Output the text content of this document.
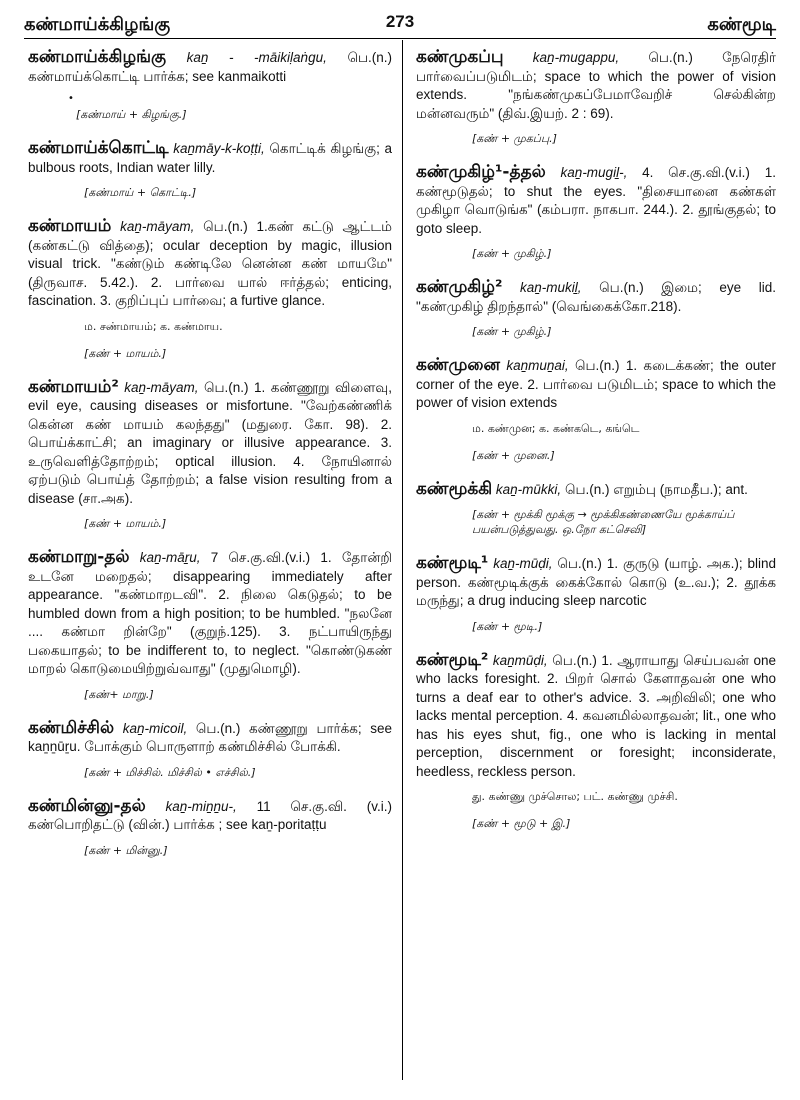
கண்மாய்க்கிழங்கு	273	கண்மூடி

கண்மாய்க்கிழங்கு kaṉ - -māikiḷaṅgu, பெ.(n.) கண்மாய்க்கொட்டி பார்க்க; see kanmaikotti

•
[கண்மாய் + கிழங்கு.]

கண்மாய்க்கொட்டி kaṉmāy-k-koṭṭi, கொட்டிக் கிழங்கு; a bulbous roots, Indian water lilly.

[கண்மாய் + கொட்டி.]

கண்மாயம் kaṉ-māyam, பெ.(n.) 1.கண் கட்டு ஆட்டம் (கண்கட்டு வித்தை); ocular deception by magic, illusion visual trick. "கண்டும் கண்டிலே னென்ன கண் மாயமே" (திருவாச. 5.42.). 2. பார்வை யால் ஈர்த்தல்; enticing, fascination. 3. குறிப்புப் பார்வை; a furtive glance.

ம. சண்மாயம்; க. கண்மாய.
[கண் + மாயம்.]

கண்மாயம்² kaṉ-māyam, பெ.(n.) 1. கண்ணூறு விளைவு, evil eye, causing diseases or misfortune. "வேற்கண்ணிக் கென்ன கண் மாயம் கலந்தது" (மதுரை. கோ. 98). 2. பொய்க்காட்சி; an imaginary or illusive appearance. 3. உருவெளித்தோற்றம்; optical illusion. 4. நோயினால் ஏற்படும் பொய்த் தோற்றம்; a false vision resulting from a disease (சா.அக).

[கண் + மாயம்.]

கண்மாறு-தல் kaṉ-māṟu, 7 செ.கு.வி.(v.i.) 1. தோன்றி உடனே மறைதல்; disappearing immediately after appearance. "கண்மாறடவி". 2. நிலை கெடுதல்; to be humbled down from a high position; to be humbled. "நலனே .... கண்மா றின்றே" (குறுந்.125). 3. நட்பாயிருந்து பகையாதல்; to be indifferent to, to neglect. "கொண்டுகண் மாறல் கொடுமையிற்றுவ்வாது" (முதுமொழி).

[கண்+ மாறு.]

கண்மிச்சில் kaṉ-micoil, பெ.(n.) கண்ணூறு பார்க்க; see kaṉṉūṟu. போக்கும் பொருளாற் கண்மிச்சில் போக்கி.

[கண் + மிச்சில். மிச்சில் • எச்சில்.]

கண்மின்னு-தல் kaṉ-miṉṉu-, 11 செ.கு.வி. (v.i.) கண்பொறிதட்டு (வின்.) பார்க்க ; see kaṉ-poritaṭṭu

[கண் + மின்னு.]

கண்முகப்பு kaṉ-mugappu, பெ.(n.) நேரெதிர் பார்வைப்படுமிடம்; space to which the power of vision extends. "நங்கண்முகப்பேமாவேறிச் செல்கின்ற மன்னவரும்" (திவ்.இயற். 2 : 69).

[கண் + முகப்பு.]

கண்முகிழ்¹-த்தல் kaṉ-mugiḻ-, 4. செ.கு.வி.(v.i.) 1. கண்மூடுதல்; to shut the eyes. "திசையானை கண்கள் முகிழா வொடுங்க" (கம்பரா. நாகபா. 244.). 2. தூங்குதல்; to goto sleep.

[கண் + முகிழ்.]

கண்முகிழ்² kaṉ-mukiḻ, பெ.(n.) இமை; eye lid. "கண்முகிழ் திறந்தால்" (வெங்கைக்கோ.218).

[கண் + முகிழ்.]

கண்முனை kaṉmuṉai, பெ.(n.) 1. கடைக்கண்; the outer corner of the eye. 2. பார்வை படுமிடம்; space to which the power of vision extends

ம. கண்முன; க. கண்கடெ, கங்டெ
[கண் + முனை.]

கண்மூக்கி kaṉ-mūkki, பெ.(n.) எறும்பு (நாமதீப.); ant.

[கண் + மூக்கி மூக்கு → மூக்கிகண்ணையே மூக்காய்ப் பயன்படுத்துவது. ஒ.நோ கட்செவி]

கண்மூடி¹ kaṉ-mūḍi, பெ.(n.) 1. குருடு (யாழ். அக.); blind person. கண்மூடிக்குக் கைக்கோல் கொடு (உ.வ.); 2. தூக்க மருந்து; a drug inducing sleep narcotic

[கண் + மூடி.]

கண்மூடி² kaṉmūḍi, பெ.(n.) 1. ஆராயாது செய்பவன் one who lacks foresight. 2. பிறர் சொல் கேளாதவன் one who turns a deaf ear to other's advice. 3. அறிவிலி; one who lacks mental perception. 4. கவனமில்லாதவன்; lit., one who has his eyes shut, fig., one who is lacking in mental perception, discernment or foresight; inconsiderate, heedless, reckless person.

து. கண்ணு முச்சொல; பட். கண்ணு முச்சி.
[கண் + மூடு + இ.]
